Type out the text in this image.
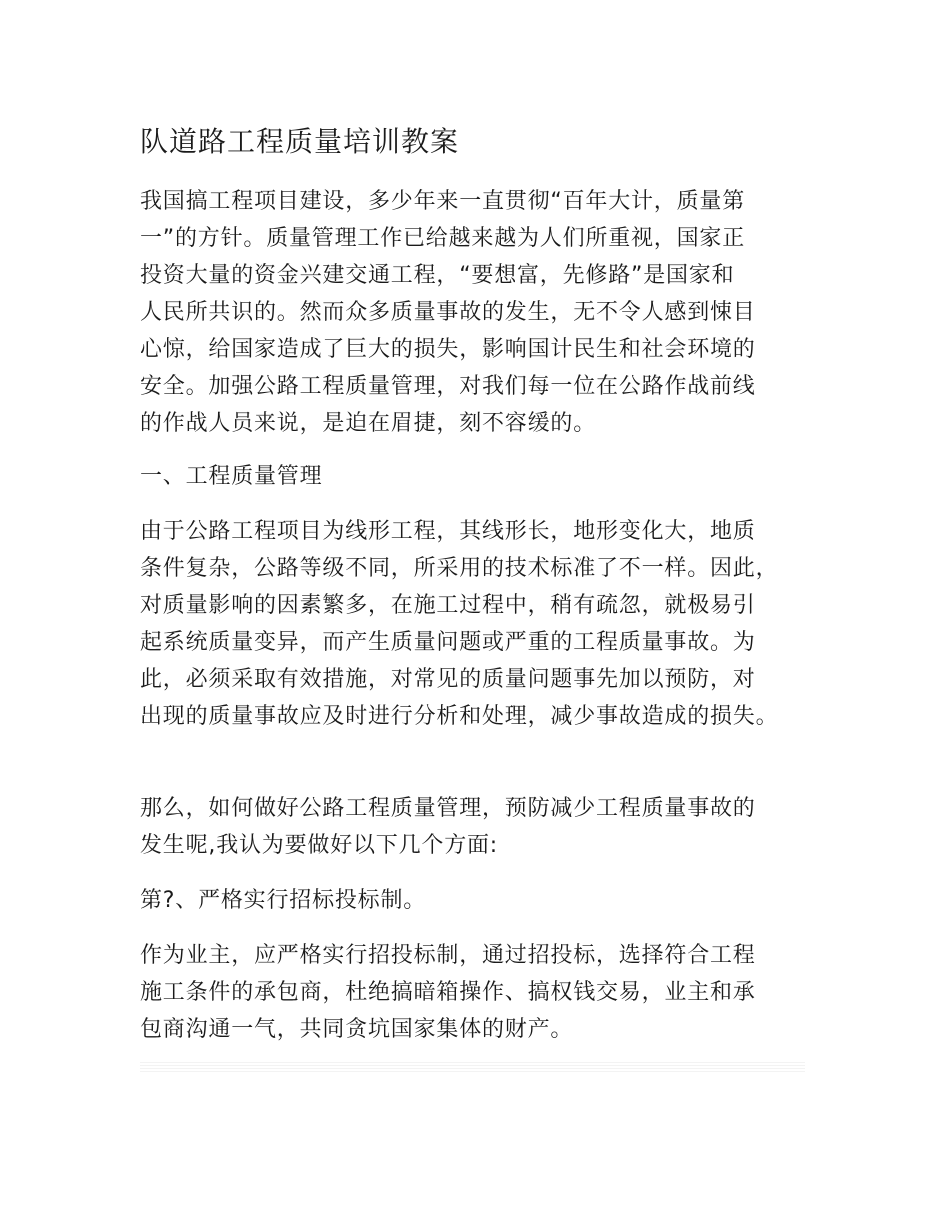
队道路工程质量培训教案
我国搞工程项目建设，多少年来一直贯彻“百年大计，质量第
一”的方针。质量管理工作已给越来越为人们所重视，国家正
投资大量的资金兴建交通工程，“要想富，先修路”是国家和
人民所共识的。然而众多质量事故的发生，无不令人感到悚目
心惊，给国家造成了巨大的损失，影响国计民生和社会环境的
安全。加强公路工程质量管理，对我们每一位在公路作战前线
的作战人员来说，是迫在眉捷，刻不容缓的。
一、工程质量管理
由于公路工程项目为线形工程，其线形长，地形变化大，地质
条件复杂，公路等级不同，所采用的技术标准了不一样。因此，
对质量影响的因素繁多，在施工过程中，稍有疏忽，就极易引
起系统质量变异，而产生质量问题或严重的工程质量事故。为
此，必须采取有效措施，对常见的质量问题事先加以预防，对
出现的质量事故应及时进行分析和处理，减少事故造成的损失。
那么，如何做好公路工程质量管理，预防减少工程质量事故的
发生呢,我认为要做好以下几个方面:
第?、严格实行招标投标制。
作为业主，应严格实行招投标制，通过招投标，选择符合工程
施工条件的承包商，杜绝搞暗箱操作、搞权钱交易，业主和承
包商沟通一气，共同贪坑国家集体的财产。
